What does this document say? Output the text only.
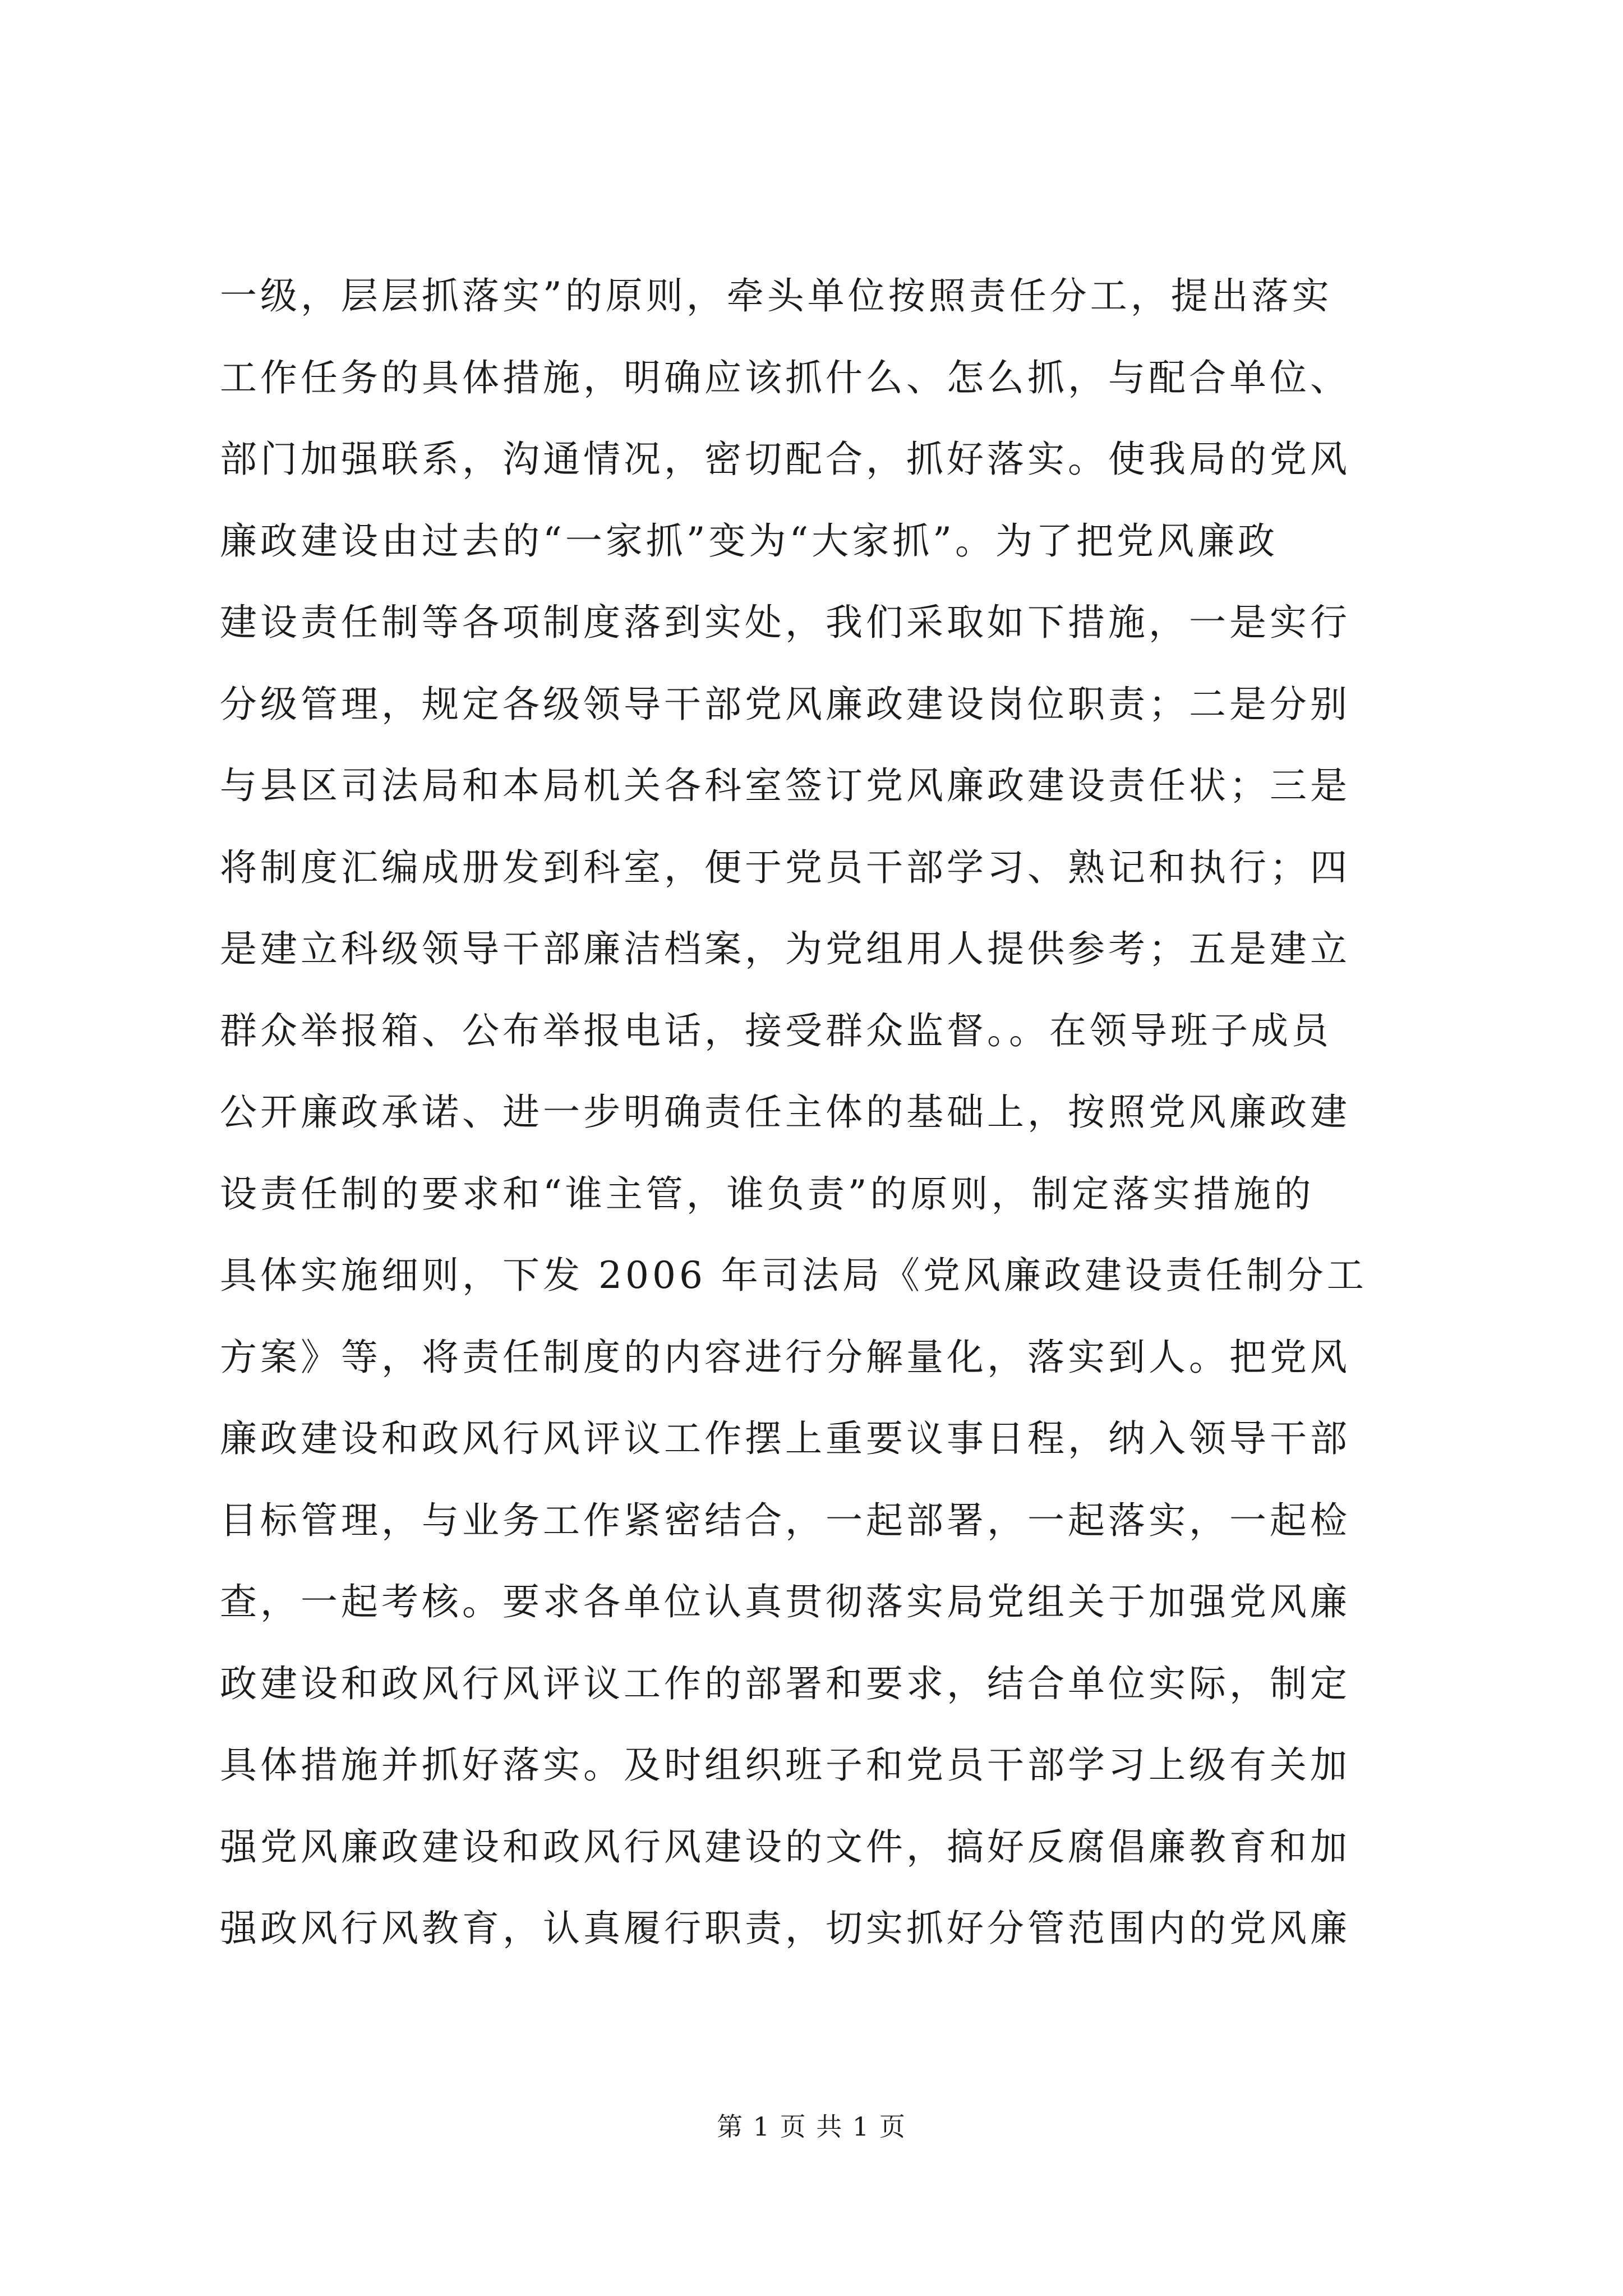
一级，层层抓落实”的原则，牵头单位按照责任分工，提出落实
工作任务的具体措施，明确应该抓什么、怎么抓，与配合单位、
部门加强联系，沟通情况，密切配合，抓好落实。使我局的党风
廉政建设由过去的“一家抓”变为“大家抓”。为了把党风廉政
建设责任制等各项制度落到实处，我们采取如下措施，一是实行
分级管理，规定各级领导干部党风廉政建设岗位职责；二是分别
与县区司法局和本局机关各科室签订党风廉政建设责任状；三是
将制度汇编成册发到科室，便于党员干部学习、熟记和执行；四
是建立科级领导干部廉洁档案，为党组用人提供参考；五是建立
群众举报箱、公布举报电话，接受群众监督。。在领导班子成员
公开廉政承诺、进一步明确责任主体的基础上，按照党风廉政建
设责任制的要求和“谁主管，谁负责”的原则，制定落实措施的
具体实施细则，下发 2006 年司法局《党风廉政建设责任制分工
方案》等，将责任制度的内容进行分解量化，落实到人。把党风
廉政建设和政风行风评议工作摆上重要议事日程，纳入领导干部
目标管理，与业务工作紧密结合，一起部署，一起落实，一起检
查，一起考核。要求各单位认真贯彻落实局党组关于加强党风廉
政建设和政风行风评议工作的部署和要求，结合单位实际，制定
具体措施并抓好落实。及时组织班子和党员干部学习上级有关加
强党风廉政建设和政风行风建设的文件，搞好反腐倡廉教育和加
强政风行风教育，认真履行职责，切实抓好分管范围内的党风廉
第 1 页 共 1 页
